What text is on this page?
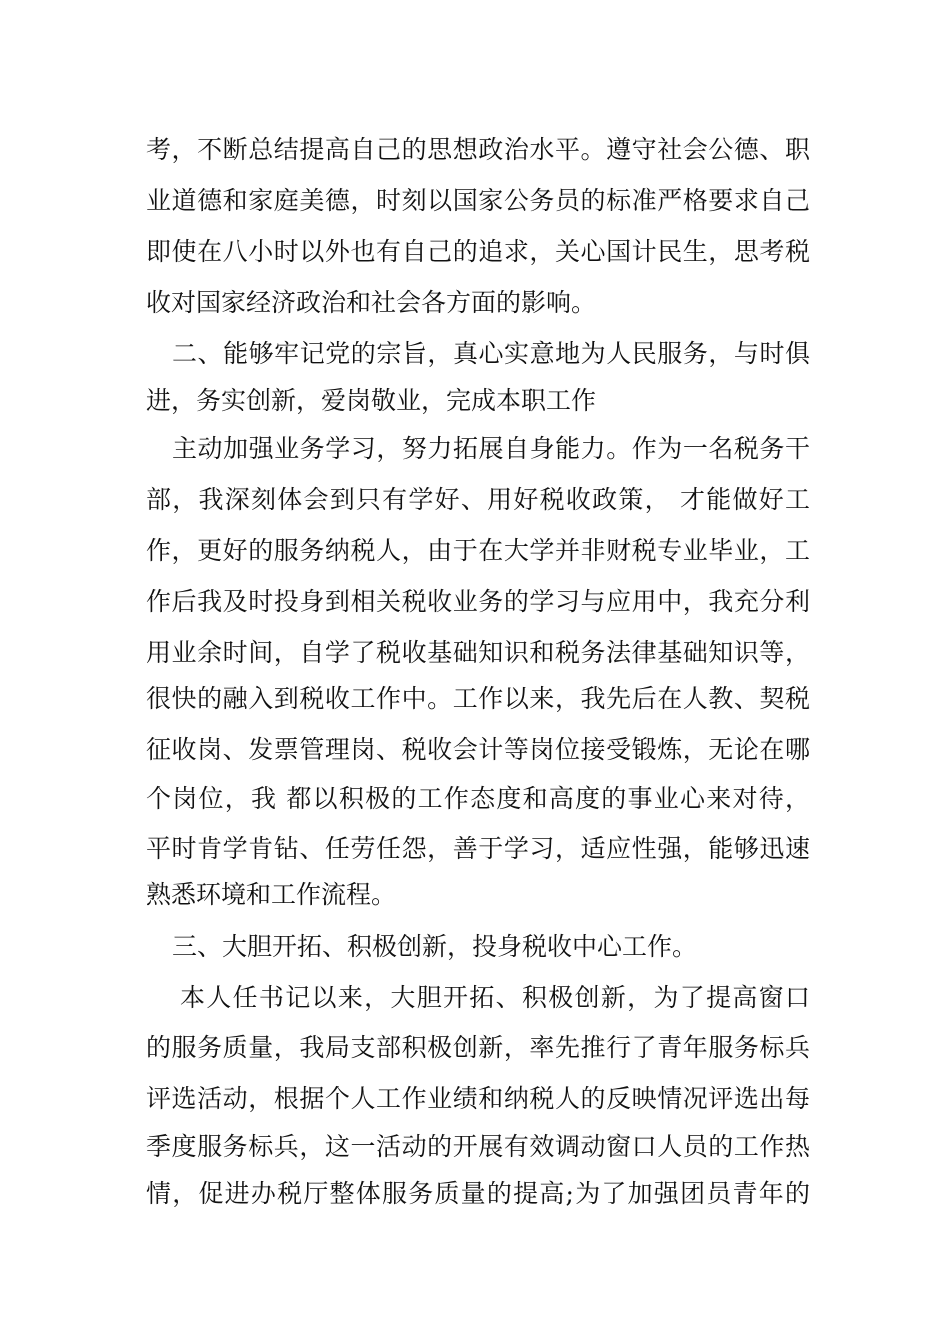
考，不断总结提高自己的思想政治水平。遵守社会公德、职
业道德和家庭美德，时刻以国家公务员的标准严格要求自己
即使在八小时以外也有自己的追求，关心国计民生，思考税
收对国家经济政治和社会各方面的影响。
二、能够牢记党的宗旨，真心实意地为人民服务，与时俱
进，务实创新，爱岗敬业，完成本职工作
主动加强业务学习，努力拓展自身能力。作为一名税务干
部，我深刻体会到只有学好、用好税收政策， 才能做好工
作，更好的服务纳税人，由于在大学并非财税专业毕业，工
作后我及时投身到相关税收业务的学习与应用中，我充分利
用业余时间，自学了税收基础知识和税务法律基础知识等，
很快的融入到税收工作中。工作以来，我先后在人教、契税
征收岗、发票管理岗、税收会计等岗位接受锻炼，无论在哪
个岗位，我 都以积极的工作态度和高度的事业心来对待，
平时肯学肯钻、任劳任怨，善于学习，适应性强，能够迅速
熟悉环境和工作流程。
三、大胆开拓、积极创新，投身税收中心工作。
本人任书记以来，大胆开拓、积极创新，为了提高窗口
的服务质量，我局支部积极创新，率先推行了青年服务标兵
评选活动，根据个人工作业绩和纳税人的反映情况评选出每
季度服务标兵，这一活动的开展有效调动窗口人员的工作热
情，促进办税厅整体服务质量的提高;为了加强团员青年的
